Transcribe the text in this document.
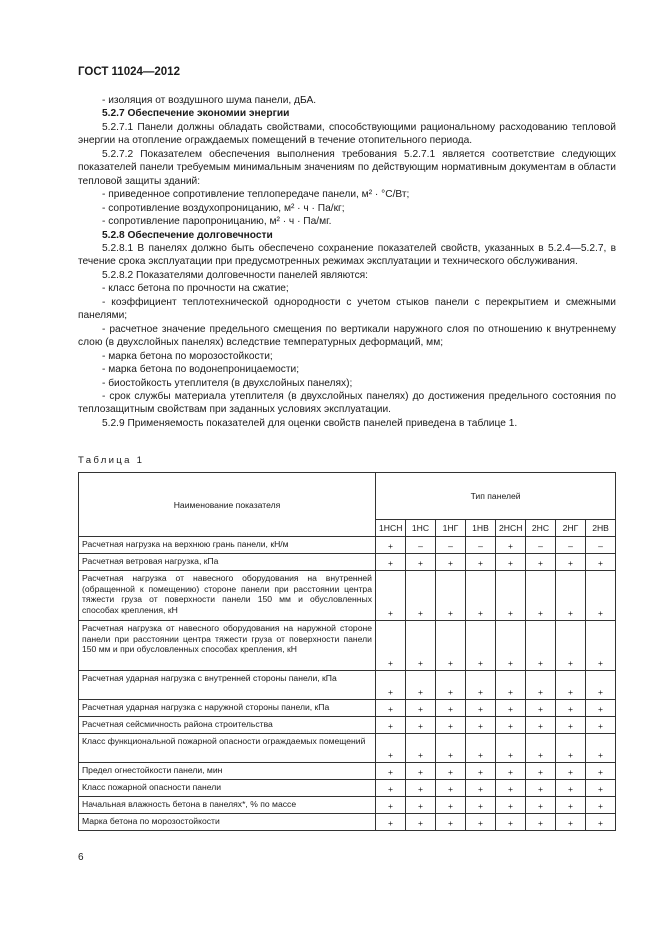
ГОСТ 11024—2012

- изоляция от воздушного шума панели, дБА.

5.2.7 Обеспечение экономии энергии

5.2.7.1 Панели должны обладать свойствами, способствующими рациональному расходованию тепловой энергии на отопление ограждаемых помещений в течение отопительного периода.

5.2.7.2 Показателем обеспечения выполнения требования 5.2.7.1 является соответствие следующих показателей панели требуемым минимальным значениям по действующим нормативным документам в области тепловой защиты зданий:

- приведенное сопротивление теплопередаче панели, м² · °С/Вт;

- сопротивление воздухопроницанию, м² · ч · Па/кг;

- сопротивление паропроницанию, м² · ч · Па/мг.

5.2.8 Обеспечение долговечности

5.2.8.1 В панелях должно быть обеспечено сохранение показателей свойств, указанных в 5.2.4—5.2.7, в течение срока эксплуатации при предусмотренных режимах эксплуатации и технического обслуживания.

5.2.8.2 Показателями долговечности панелей являются:

- класс бетона по прочности на сжатие;

- коэффициент теплотехнической однородности с учетом стыков панели с перекрытием и смежными панелями;

- расчетное значение предельного смещения по вертикали наружного слоя по отношению к внутреннему слою (в двухслойных панелях) вследствие температурных деформаций, мм;

- марка бетона по морозостойкости;

- марка бетона по водонепроницаемости;

- биостойкость утеплителя (в двухслойных панелях);

- срок службы материала утеплителя (в двухслойных панелях) до достижения предельного состояния по теплозащитным свойствам при заданных условиях эксплуатации.

5.2.9 Применяемость показателей для оценки свойств панелей приведена в таблице 1.

Таблица 1
Наименование показателя	Тип панелей							
	1НСН	1НС	1НГ	1НВ	2НСН	2НС	2НГ	2НВ
Расчетная нагрузка на верхнюю грань панели, кН/м	+	–	–	–	+	–	–	–
Расчетная ветровая нагрузка, кПа	+	+	+	+	+	+	+	+
Расчетная нагрузка от навесного оборудования на внутренней (обращенной к помещению) стороне панели при расстоянии центра тяжести груза от поверхности панели 150 мм и обусловленных способах крепления, кН	+	+	+	+	+	+	+	+
Расчетная нагрузка от навесного оборудования на наружной стороне панели при расстоянии центра тяжести груза от поверхности панели 150 мм и при обусловленных способах крепления, кН	+	+	+	+	+	+	+	+
Расчетная ударная нагрузка с внутренней стороны панели, кПа	+	+	+	+	+	+	+	+
Расчетная ударная нагрузка с наружной стороны панели, кПа	+	+	+	+	+	+	+	+
Расчетная сейсмичность района строительства	+	+	+	+	+	+	+	+
Класс функциональной пожарной опасности ограждаемых помещений	+	+	+	+	+	+	+	+
Предел огнестойкости панели, мин	+	+	+	+	+	+	+	+
Класс пожарной опасности панели	+	+	+	+	+	+	+	+
Начальная влажность бетона в панелях*, % по массе	+	+	+	+	+	+	+	+
Марка бетона по морозостойкости	+	+	+	+	+	+	+	+
6
